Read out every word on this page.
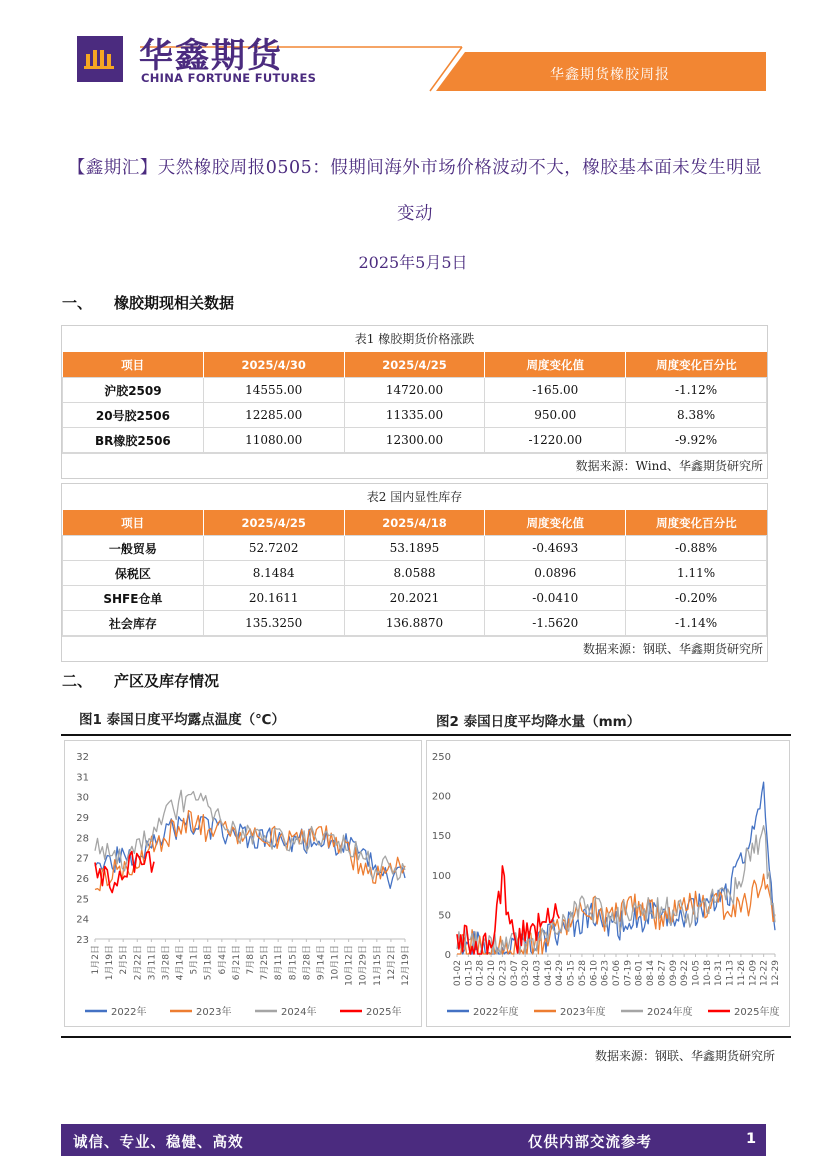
华鑫期货
CHINA FORTUNE FUTURES	华鑫期货橡胶周报
【鑫期汇】天然橡胶周报0505：假期间海外市场价格波动不大，橡胶基本面未发生明显变动
2025年5月5日
一、 橡胶期现相关数据
表1 橡胶期货价格涨跌
项目	2025/4/30	2025/4/25	周度变化值	周度变化百分比
沪胶2509	14555.00	14720.00	-165.00	-1.12%
20号胶2506	12285.00	11335.00	950.00	8.38%
BR橡胶2506	11080.00	12300.00	-1220.00	-9.92%
数据来源：Wind、华鑫期货研究所
表2 国内显性库存
项目	2025/4/25	2025/4/18	周度变化值	周度变化百分比
一般贸易	52.7202	53.1895	-0.4693	-0.88%
保税区	8.1484	8.0588	0.0896	1.11%
SHFE仓单	20.1611	20.2021	-0.0410	-0.20%
社会库存	135.3250	136.8870	-1.5620	-1.14%
数据来源：钢联、华鑫期货研究所
二、 产区及库存情况
图1 泰国日度平均露点温度（℃）	图2 泰国日度平均降水量（mm）
23
24
25
26
27
28
29
30
31
32
1月2日 1月19日 2月5日 2月22日 3月11日 3月28日 4月14日 5月1日 5月18日 6月4日 6月21日 7月8日 7月25日 8月11日 8月15日 8月28日 9月14日 10月1日 10月12日 10月29日 11月15日 12月2日 12月19日
2022年	2023年	2024年	2025年
0
50
100
150
200
250
01-02 01-15 01-28 02-10 02-23 03-07 03-20 04-03 04-16 04-29 05-15 05-28 06-10 06-23 07-06 07-19 08-01 08-14 08-27 09-09 09-22 10-05 10-18 10-31 11-13 11-26 12-09 12-22 12-29
2022年度	2023年度	2024年度	2025年度
数据来源：钢联、华鑫期货研究所
诚信、专业、稳健、高效	仅供内部交流参考	1
